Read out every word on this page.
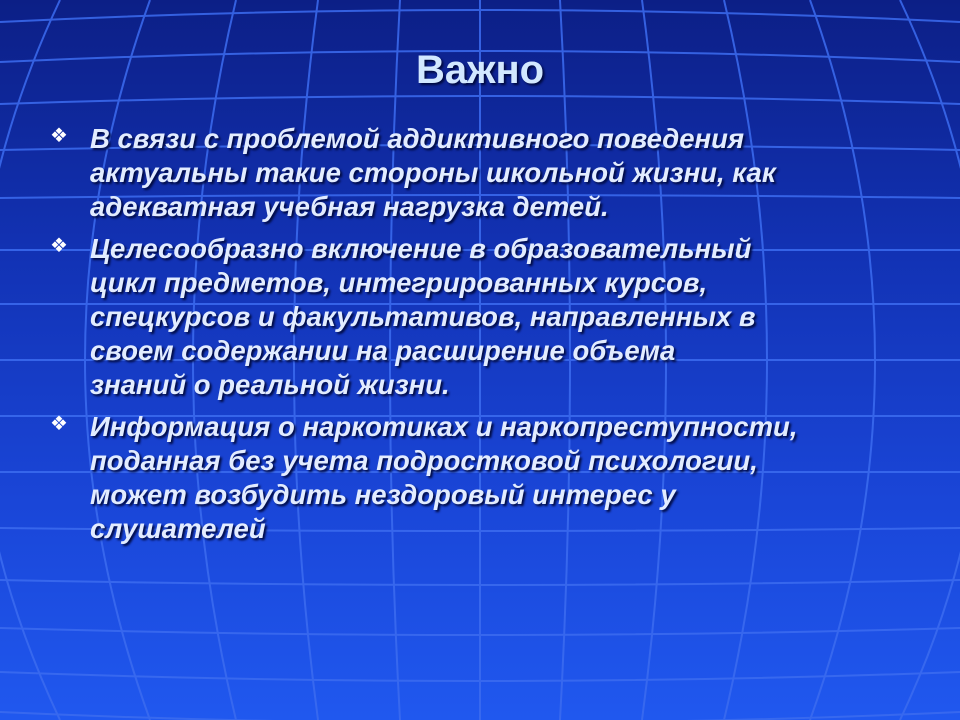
Важно
❖ В связи с проблемой аддиктивного поведения
актуальны такие стороны школьной жизни, как
адекватная учебная нагрузка детей.
❖ Целесообразно включение в образовательный
цикл предметов, интегрированных курсов,
спецкурсов и факультативов, направленных в
своем содержании на расширение объема
знаний о реальной жизни.
❖ Информация о наркотиках и наркопреступности,
поданная без учета подростковой психологии,
может возбудить нездоровый интерес у
слушателей
